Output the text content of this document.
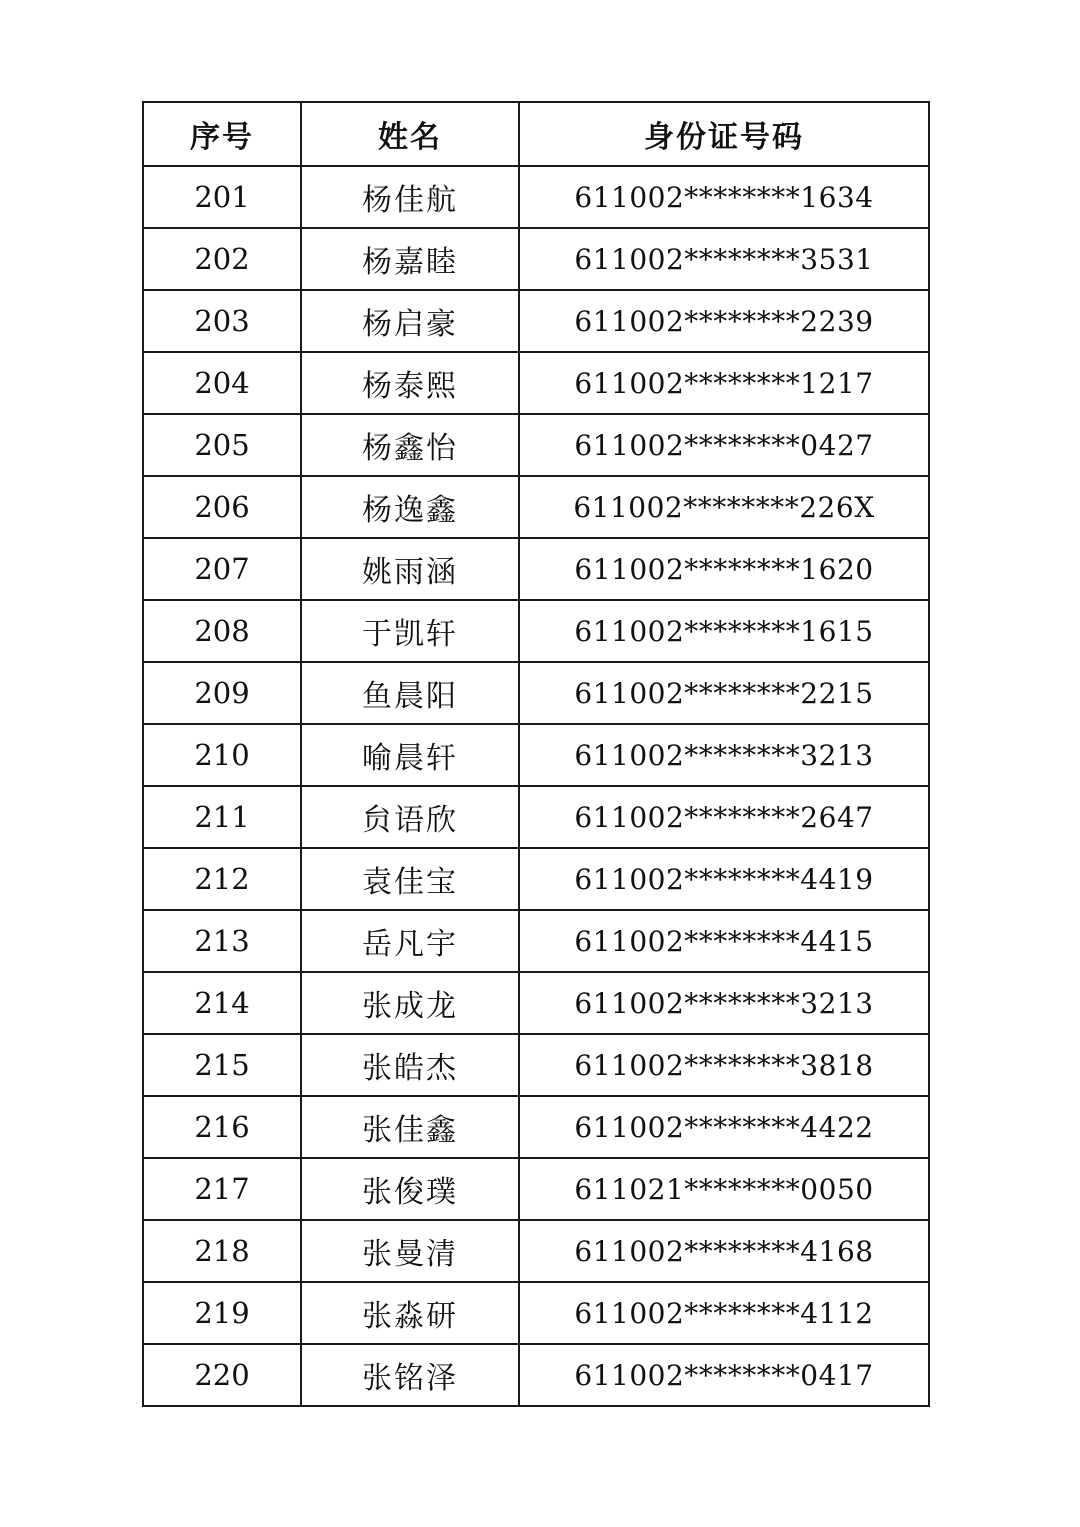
序号	姓名	身份证号码
201	杨佳航	611002********1634
202	杨嘉睦	611002********3531
203	杨启豪	611002********2239
204	杨泰熙	611002********1217
205	杨鑫怡	611002********0427
206	杨逸鑫	611002********226X
207	姚雨涵	611002********1620
208	于凯轩	611002********1615
209	鱼晨阳	611002********2215
210	喻晨轩	611002********3213
211	贠语欣	611002********2647
212	袁佳宝	611002********4419
213	岳凡宇	611002********4415
214	张成龙	611002********3213
215	张皓杰	611002********3818
216	张佳鑫	611002********4422
217	张俊璞	611021********0050
218	张曼清	611002********4168
219	张淼研	611002********4112
220	张铭泽	611002********0417
